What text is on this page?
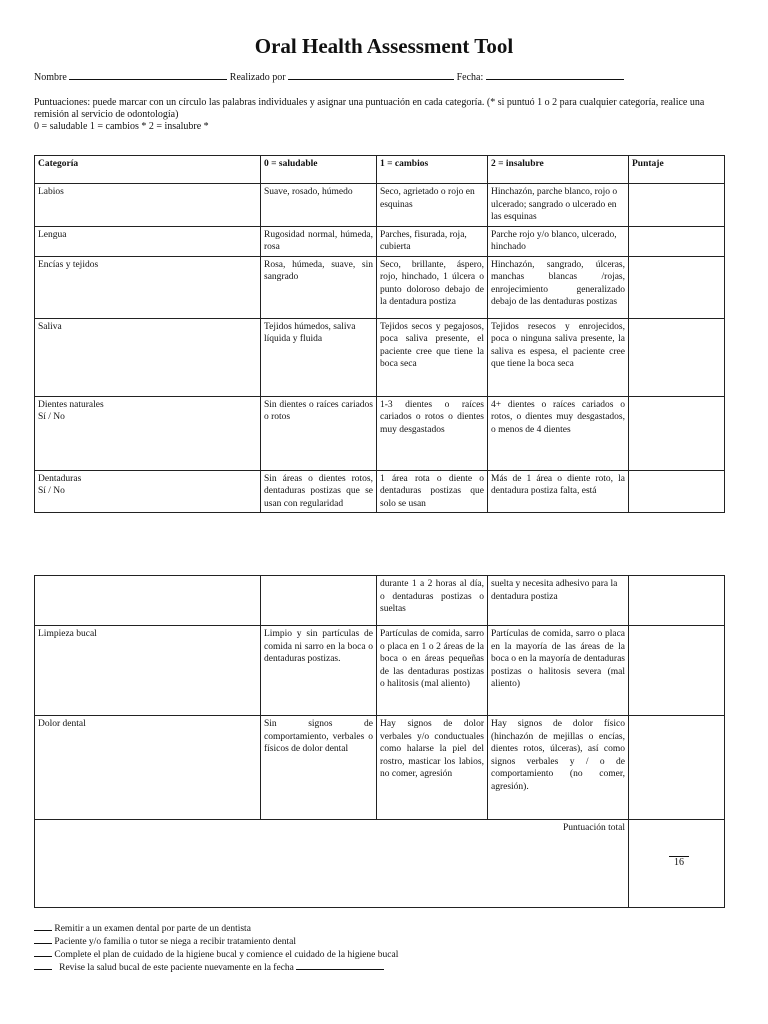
Oral Health Assessment Tool
Nombre	Realizado por	Fecha:
Puntuaciones: puede marcar con un círculo las palabras individuales y asignar una puntuación en cada categoría. (* si puntuó 1 o 2 para cualquier categoría, realice una remisión al servicio de odontología)
0 = saludable 1 = cambios * 2 = insalubre *
Categoría	0 = saludable	1 = cambios	2 = insalubre	Puntaje
Labios	Suave, rosado, húmedo	Seco, agrietado o rojo en esquinas	Hinchazón, parche blanco, rojo o ulcerado; sangrado o ulcerado en las esquinas	
Lengua	Rugosidad normal, húmeda, rosa	Parches, fisurada, roja, cubierta	Parche rojo y/o blanco, ulcerado, hinchado	
Encías y tejidos	Rosa, húmeda, suave, sin sangrado	Seco, brillante, áspero, rojo, hinchado, 1 úlcera o punto doloroso debajo de la dentadura postiza	Hinchazón, sangrado, úlceras, manchas blancas /rojas, enrojecimiento generalizado debajo de las dentaduras postizas	
Saliva	Tejidos húmedos, saliva líquida y fluida	Tejidos secos y pegajosos, poca saliva presente, el paciente cree que tiene la boca seca	Tejidos resecos y enrojecidos, poca o ninguna saliva presente, la saliva es espesa, el paciente cree que tiene la boca seca	

Dientes naturales
Sí / No	Sin dientes o raíces cariados o rotos	1-3 dientes o raíces cariados o rotos o dientes muy desgastados	4+ dientes o raíces cariados o rotos, o dientes muy desgastados, o menos de 4 dientes	

Dentaduras
Sí / No	Sin áreas o dientes rotos, dentaduras postizas que se usan con regularidad	1 área rota o diente o dentaduras postizas que solo se usan	Más de 1 área o diente roto, la dentadura postiza falta, está	
		durante 1 a 2 horas al día, o dentaduras postizas o sueltas	suelta y necesita adhesivo para la dentadura postiza	
Limpieza bucal	Limpio y sin partículas de comida ni sarro en la boca o dentaduras postizas.	Partículas de comida, sarro o placa en 1 o 2 áreas de la boca o en áreas pequeñas de las dentaduras postizas o halitosis (mal aliento)	Partículas de comida, sarro o placa en la mayoría de las áreas de la boca o en la mayoría de dentaduras postizas o halitosis severa (mal aliento)	
Dolor dental	Sin signos de comportamiento, verbales o físicos de dolor dental	Hay signos de dolor verbales y/o conductuales como halarse la piel del rostro, masticar los labios, no comer, agresión	Hay signos de dolor físico (hinchazón de mejillas o encías, dientes rotos, úlceras), así como signos verbales y / o de comportamiento (no comer, agresión).	
Puntuación total				16
Remitir a un examen dental por parte de un dentista
Paciente y/o familia o tutor se niega a recibir tratamiento dental
Complete el plan de cuidado de la higiene bucal y comience el cuidado de la higiene bucal
Revise la salud bucal de este paciente nuevamente en la fecha
